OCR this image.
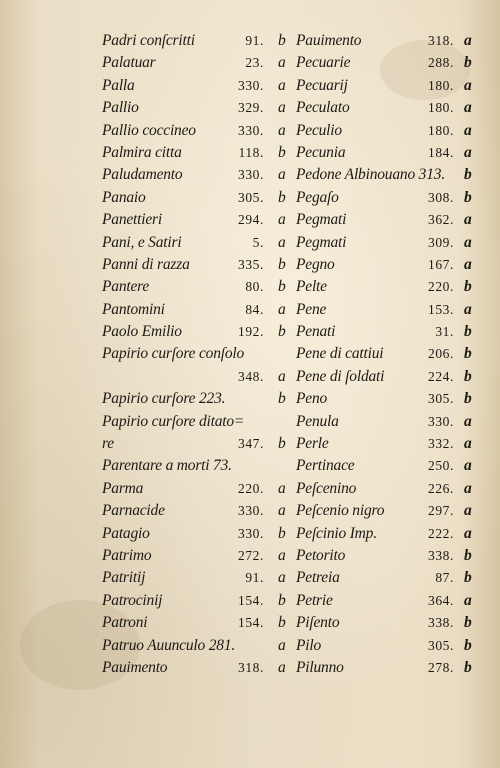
Padri conſcritti	91. b Pauimento	318. a
Palatuar	23. a Pecuarie	288. b
Palla	330. a Pecuarij	180. a
Pallio	329. a Peculato	180. a
Pallio coccineo	330. a Peculio	180. a
Palmira citta	118. b Pecunia	184. a
Paludamento	330. a Pedone Albinouano 313. b
Panaio	305. b Pegaſo	308. b
Panettieri	294. a Pegmati	362. a
Pani, e Satiri	5. a Pegmati	309. a
Panni di razza	335. b Pegno	167. a
Pantere	80. b Pelte	220. b
Pantomini	84. a Pene	153. a
Paolo Emilio	192. b Penati	31. b
Papirio curſore conſolo	Pene di cattiui	206. b
348. a Pene di ſoldati	224. b
Papirio curſore 223.	b Peno	305. b
Papirio curſore ditato=	Penula	330. a
re	347. b Perle	332. a
Parentare a morti 73.	Pertinace	250. a
Parma	220. a Peſcenino	226. a
Parnacide	330. a Peſcenio nigro	297. a
Patagio	330. b Peſcinio Imp.	222. a
Patrimo	272. a Petorito	338. b
Patritij	91. a Petreia	87. b
Patrocinij	154. b Petrie	364. a
Patroni	154. b Piſento	338. b
Patruo Auunculo 281.	a Pilo	305. b
Pauimento	318. a Pilunno	278. b
